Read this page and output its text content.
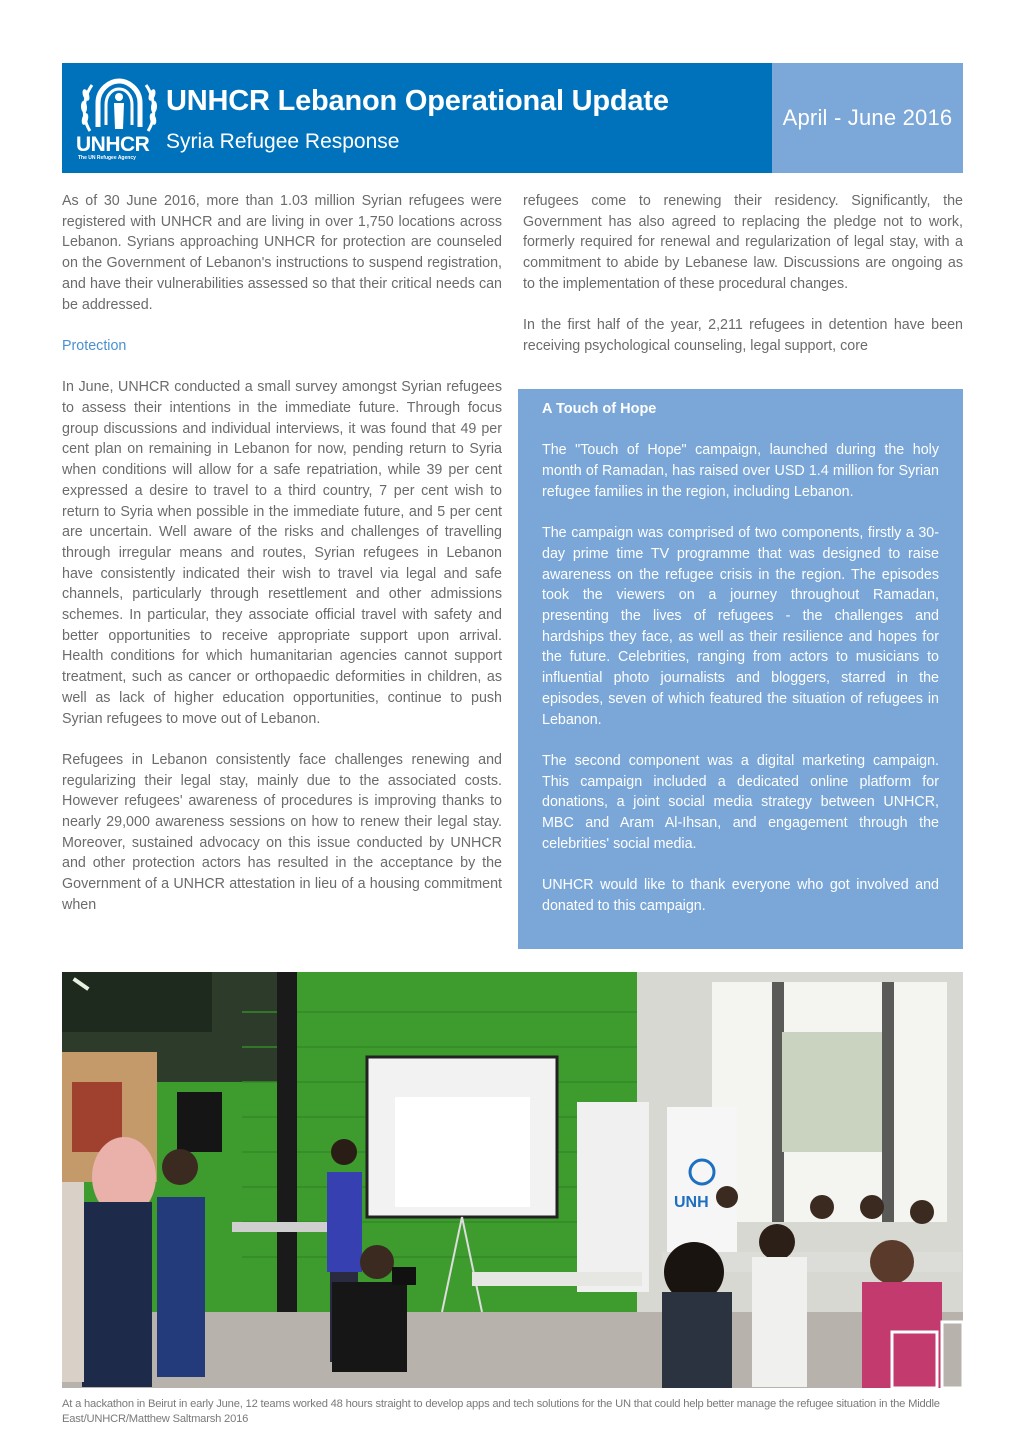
UNHCR
The UN Refugee Agency
UNHCR Lebanon Operational Update
Syria Refugee Response
April - June 2016

As of 30 June 2016, more than 1.03 million Syrian refugees were registered with UNHCR and are living in over 1,750 locations across Lebanon. Syrians approaching UNHCR for protection are counseled on the Government of Lebanon's instructions to suspend registration, and have their vulnerabilities assessed so that their critical needs can be addressed.

Protection

In June, UNHCR conducted a small survey amongst Syrian refugees to assess their intentions in the immediate future. Through focus group discussions and individual interviews, it was found that 49 per cent plan on remaining in Lebanon for now, pending return to Syria when conditions will allow for a safe repatriation, while 39 per cent expressed a desire to travel to a third country, 7 per cent wish to return to Syria when possible in the immediate future, and 5 per cent are uncertain. Well aware of the risks and challenges of travelling through irregular means and routes, Syrian refugees in Lebanon have consistently indicated their wish to travel via legal and safe channels, particularly through resettlement and other admissions schemes. In particular, they associate official travel with safety and better opportunities to receive appropriate support upon arrival. Health conditions for which humanitarian agencies cannot support treatment, such as cancer or orthopaedic deformities in children, as well as lack of higher education opportunities, continue to push Syrian refugees to move out of Lebanon.

Refugees in Lebanon consistently face challenges renewing and regularizing their legal stay, mainly due to the associated costs. However refugees' awareness of procedures is improving thanks to nearly 29,000 awareness sessions on how to renew their legal stay. Moreover, sustained advocacy on this issue conducted by UNHCR and other protection actors has resulted in the acceptance by the Government of a UNHCR attestation in lieu of a housing commitment when

refugees come to renewing their residency. Significantly, the Government has also agreed to replacing the pledge not to work, formerly required for renewal and regularization of legal stay, with a commitment to abide by Lebanese law. Discussions are ongoing as to the implementation of these procedural changes.

In the first half of the year, 2,211 refugees in detention have been receiving psychological counseling, legal support, core

A Touch of Hope

The "Touch of Hope" campaign, launched during the holy month of Ramadan, has raised over USD 1.4 million for Syrian refugee families in the region, including Lebanon.

The campaign was comprised of two components, firstly a 30-day prime time TV programme that was designed to raise awareness on the refugee crisis in the region. The episodes took the viewers on a journey throughout Ramadan, presenting the lives of refugees - the challenges and hardships they face, as well as their resilience and hopes for the future. Celebrities, ranging from actors to musicians to influential photo journalists and bloggers, starred in the episodes, seven of which featured the situation of refugees in Lebanon.

The second component was a digital marketing campaign. This campaign included a dedicated online platform for donations, a joint social media strategy between UNHCR, MBC and Aram Al-Ihsan, and engagement through the celebrities' social media.

UNHCR would like to thank everyone who got involved and donated to this campaign.

UNH
At a hackathon in Beirut in early June, 12 teams worked 48 hours straight to develop apps and tech solutions for the UN that could help better manage the refugee situation in the Middle East/UNHCR/Matthew Saltmarsh 2016
